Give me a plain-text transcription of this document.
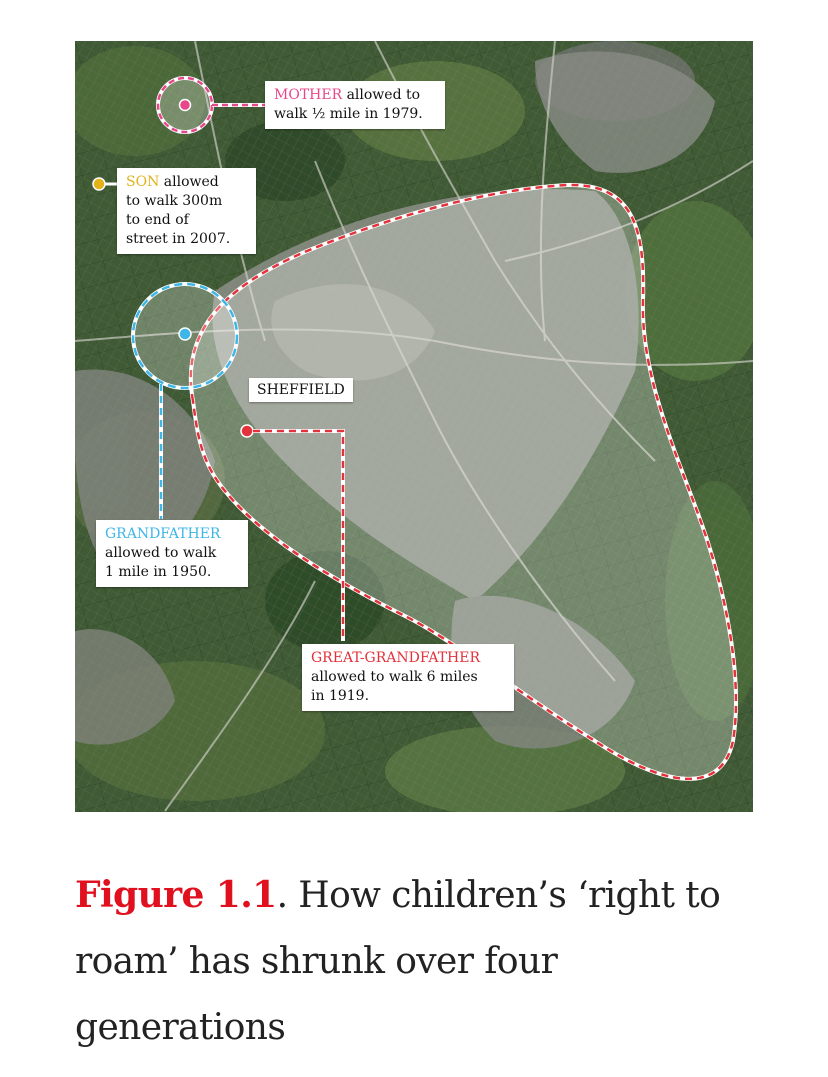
MOTHER allowed to
walk ½ mile in 1979.
SON allowed
to walk 300m
to end of
street in 2007.
SHEFFIELD
GRANDFATHER
allowed to walk
1 mile in 1950.
GREAT-GRANDFATHER
allowed to walk 6 miles
in 1919.
Figure 1.1. How children’s ‘right to roam’ has shrunk over four generations
